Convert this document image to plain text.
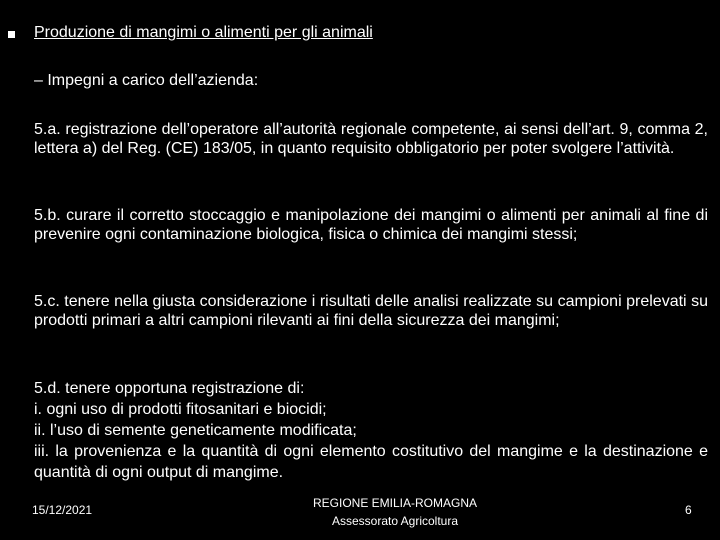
Produzione di mangimi o alimenti per gli animali
– Impegni a carico dell’azienda:
5.a. registrazione dell’operatore all’autorità regionale competente, ai sensi dell’art. 9, comma 2, lettera a) del Reg. (CE) 183/05, in quanto requisito obbligatorio per poter svolgere l’attività.
5.b. curare il corretto stoccaggio e manipolazione dei mangimi o alimenti per animali al fine di prevenire ogni contaminazione biologica, fisica o chimica dei mangimi stessi;
5.c. tenere nella giusta considerazione i risultati delle analisi realizzate su campioni prelevati su prodotti primari a altri campioni rilevanti ai fini della sicurezza dei mangimi;
5.d. tenere opportuna registrazione di:
i. ogni uso di prodotti fitosanitari e biocidi;
ii. l’uso di semente geneticamente modificata;
iii. la provenienza e la quantità di ogni elemento costitutivo del mangime e la destinazione e quantità di ogni output di mangime.
15/12/2021	REGIONE EMILIA-ROMAGNA
Assessorato Agricoltura
6
